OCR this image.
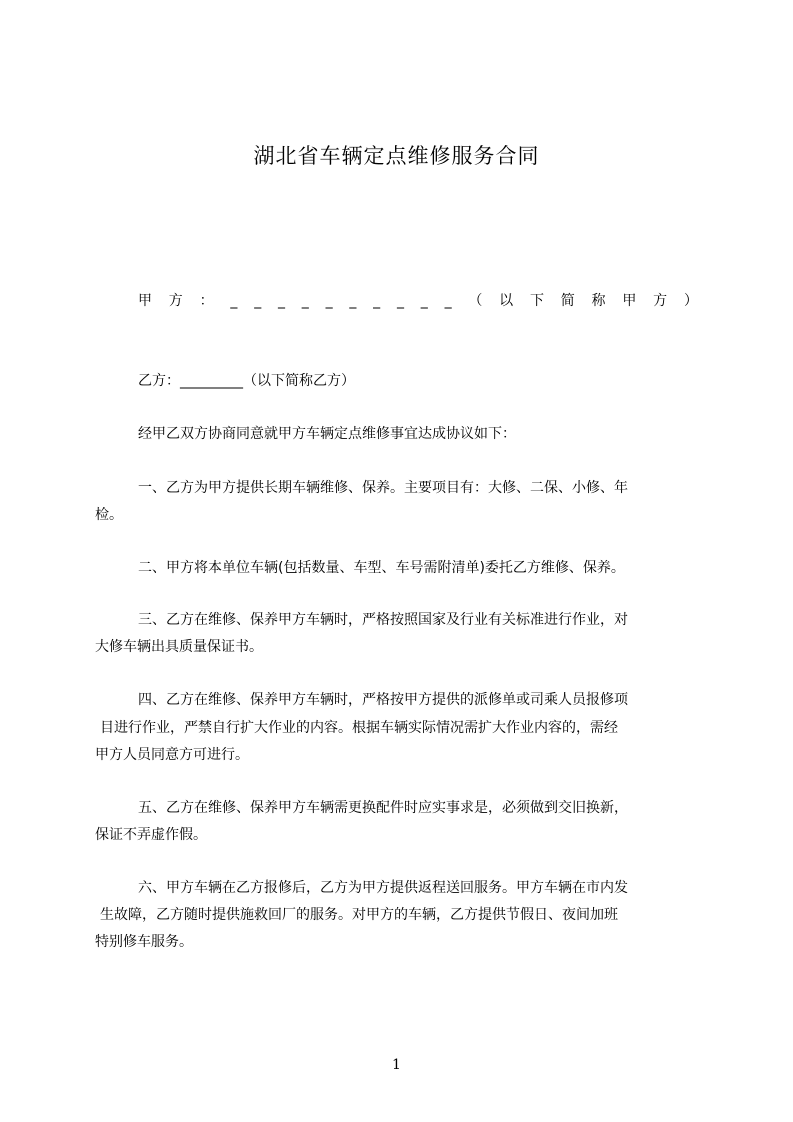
湖北省车辆定点维修服务合同
甲 方 ： _ _ _ _ _ _ _ _ _ _ （ 以 下 简 称 甲 方 ）
乙方：_________（以下简称乙方）
经甲乙双方协商同意就甲方车辆定点维修事宜达成协议如下：
一、乙方为甲方提供长期车辆维修、保养。主要项目有：大修、二保、小修、年
检。
二、甲方将本单位车辆(包括数量、车型、车号需附清单)委托乙方维修、保养。
三、乙方在维修、保养甲方车辆时，严格按照国家及行业有关标准进行作业，对
大修车辆出具质量保证书。
四、乙方在维修、保养甲方车辆时，严格按甲方提供的派修单或司乘人员报修项
目进行作业，严禁自行扩大作业的内容。根据车辆实际情况需扩大作业内容的，需经
甲方人员同意方可进行。
五、乙方在维修、保养甲方车辆需更换配件时应实事求是，必须做到交旧换新，
保证不弄虚作假。
六、甲方车辆在乙方报修后，乙方为甲方提供返程送回服务。甲方车辆在市内发
生故障，乙方随时提供施救回厂的服务。对甲方的车辆，乙方提供节假日、夜间加班
特别修车服务。
1
